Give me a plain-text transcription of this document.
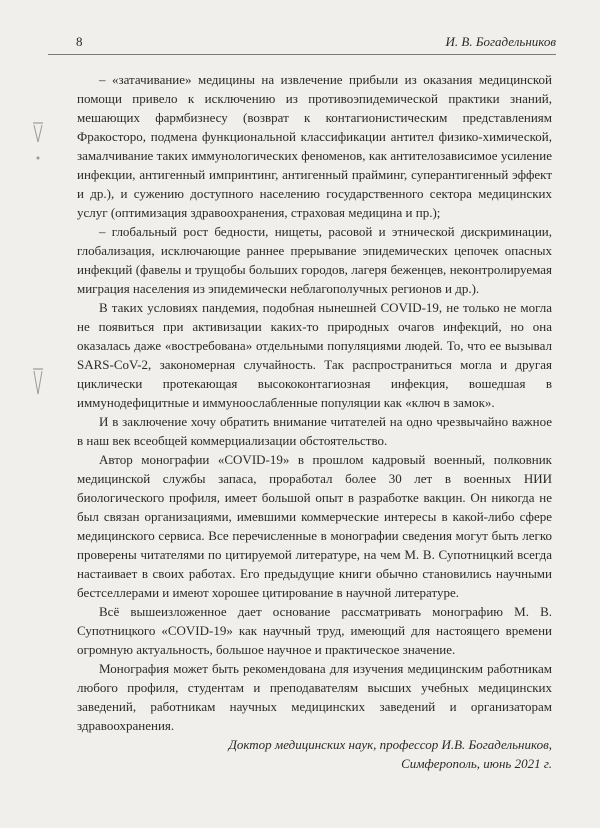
8	И. В. Богадельников

– «затачивание» медицины на извлечение прибыли из оказания медицинской помощи привело к исключению из противоэпидемической практики знаний, мешающих фармбизнесу (возврат к контагионистическим представлениям Фракосторо, подмена функциональной классификации антител физико-химической, замалчивание таких иммунологических феноменов, как антителозависимое усиление инфекции, антигенный импринтинг, антигенный прайминг, суперантигенный эффект и др.), и сужению доступного населению государственного сектора медицинских услуг (оптимизация здравоохранения, страховая медицина и пр.);

– глобальный рост бедности, нищеты, расовой и этнической дискриминации, глобализация, исключающие раннее прерывание эпидемических цепочек опасных инфекций (фавелы и трущобы больших городов, лагеря беженцев, неконтролируемая миграция населения из эпидемически неблагополучных регионов и др.).

В таких условиях пандемия, подобная нынешней COVID-19, не только не могла не появиться при активизации каких-то природных очагов инфекций, но она оказалась даже «востребована» отдельными популяциями людей. То, что ее вызывал SARS-CoV-2, закономерная случайность. Так распространиться могла и другая циклически протекающая высококонтагиозная инфекция, вошедшая в иммунодефицитные и иммуноослабленные популяции как «ключ в замок».

И в заключение хочу обратить внимание читателей на одно чрезвычайно важное в наш век всеобщей коммерциализации обстоятельство.

Автор монографии «COVID-19» в прошлом кадровый военный, полковник медицинской службы запаса, проработал более 30 лет в военных НИИ биологического профиля, имеет большой опыт в разработке вакцин. Он никогда не был связан организациями, имевшими коммерческие интересы в какой-либо сфере медицинского сервиса. Все перечисленные в монографии сведения могут быть легко проверены читателями по цитируемой литературе, на чем М. В. Супотницкий всегда настаивает в своих работах. Его предыдущие книги обычно становились научными бестселлерами и имеют хорошее цитирование в научной литературе.

Всё вышеизложенное дает основание рассматривать монографию М. В. Супотницкого «COVID-19» как научный труд, имеющий для настоящего времени огромную актуальность, большое научное и практическое значение.

Монография может быть рекомендована для изучения медицинским работникам любого профиля, студентам и преподавателям высших учебных медицинских заведений, работникам научных медицинских заведений и организаторам здравоохранения.

Доктор медицинских наук, профессор И.В. Богадельников,
Симферополь, июнь 2021 г.
